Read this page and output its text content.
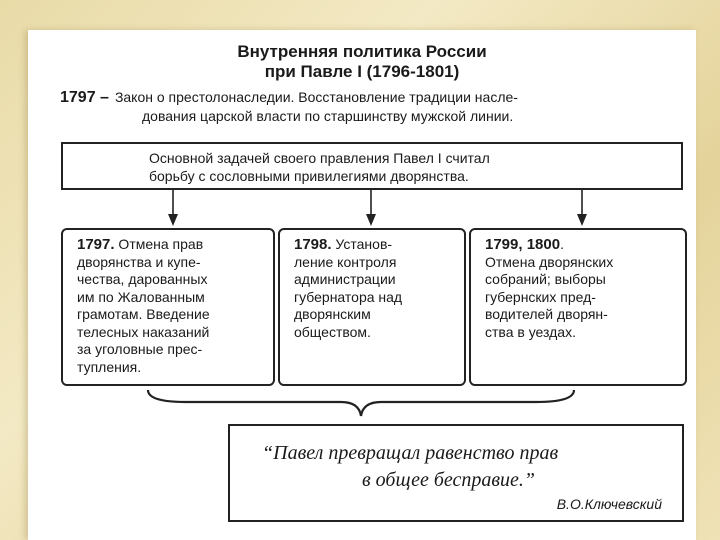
Внутренняя политика России
при Павле I (1796-1801)
1797 – Закон о престолонаследии. Восстановление традиции насле-
дования царской власти по старшинству мужской линии.
Основной задачей своего правления Павел I считал
борьбу с сословными привилегиями дворянства.
1797. Отмена прав
дворянства и купе-
чества, дарованных
им по Жалованным
грамотам. Введение
телесных наказаний
за уголовные прес-
тупления.
1798. Установ-
ление контроля
администрации
губернатора над
дворянским
обществом.
1799, 1800.
Отмена дворянских
собраний; выборы
губернских пред-
водителей дворян-
ства в уездах.
“Павел превращал равенство прав
в общее бесправие.”
В.О.Ключевский
